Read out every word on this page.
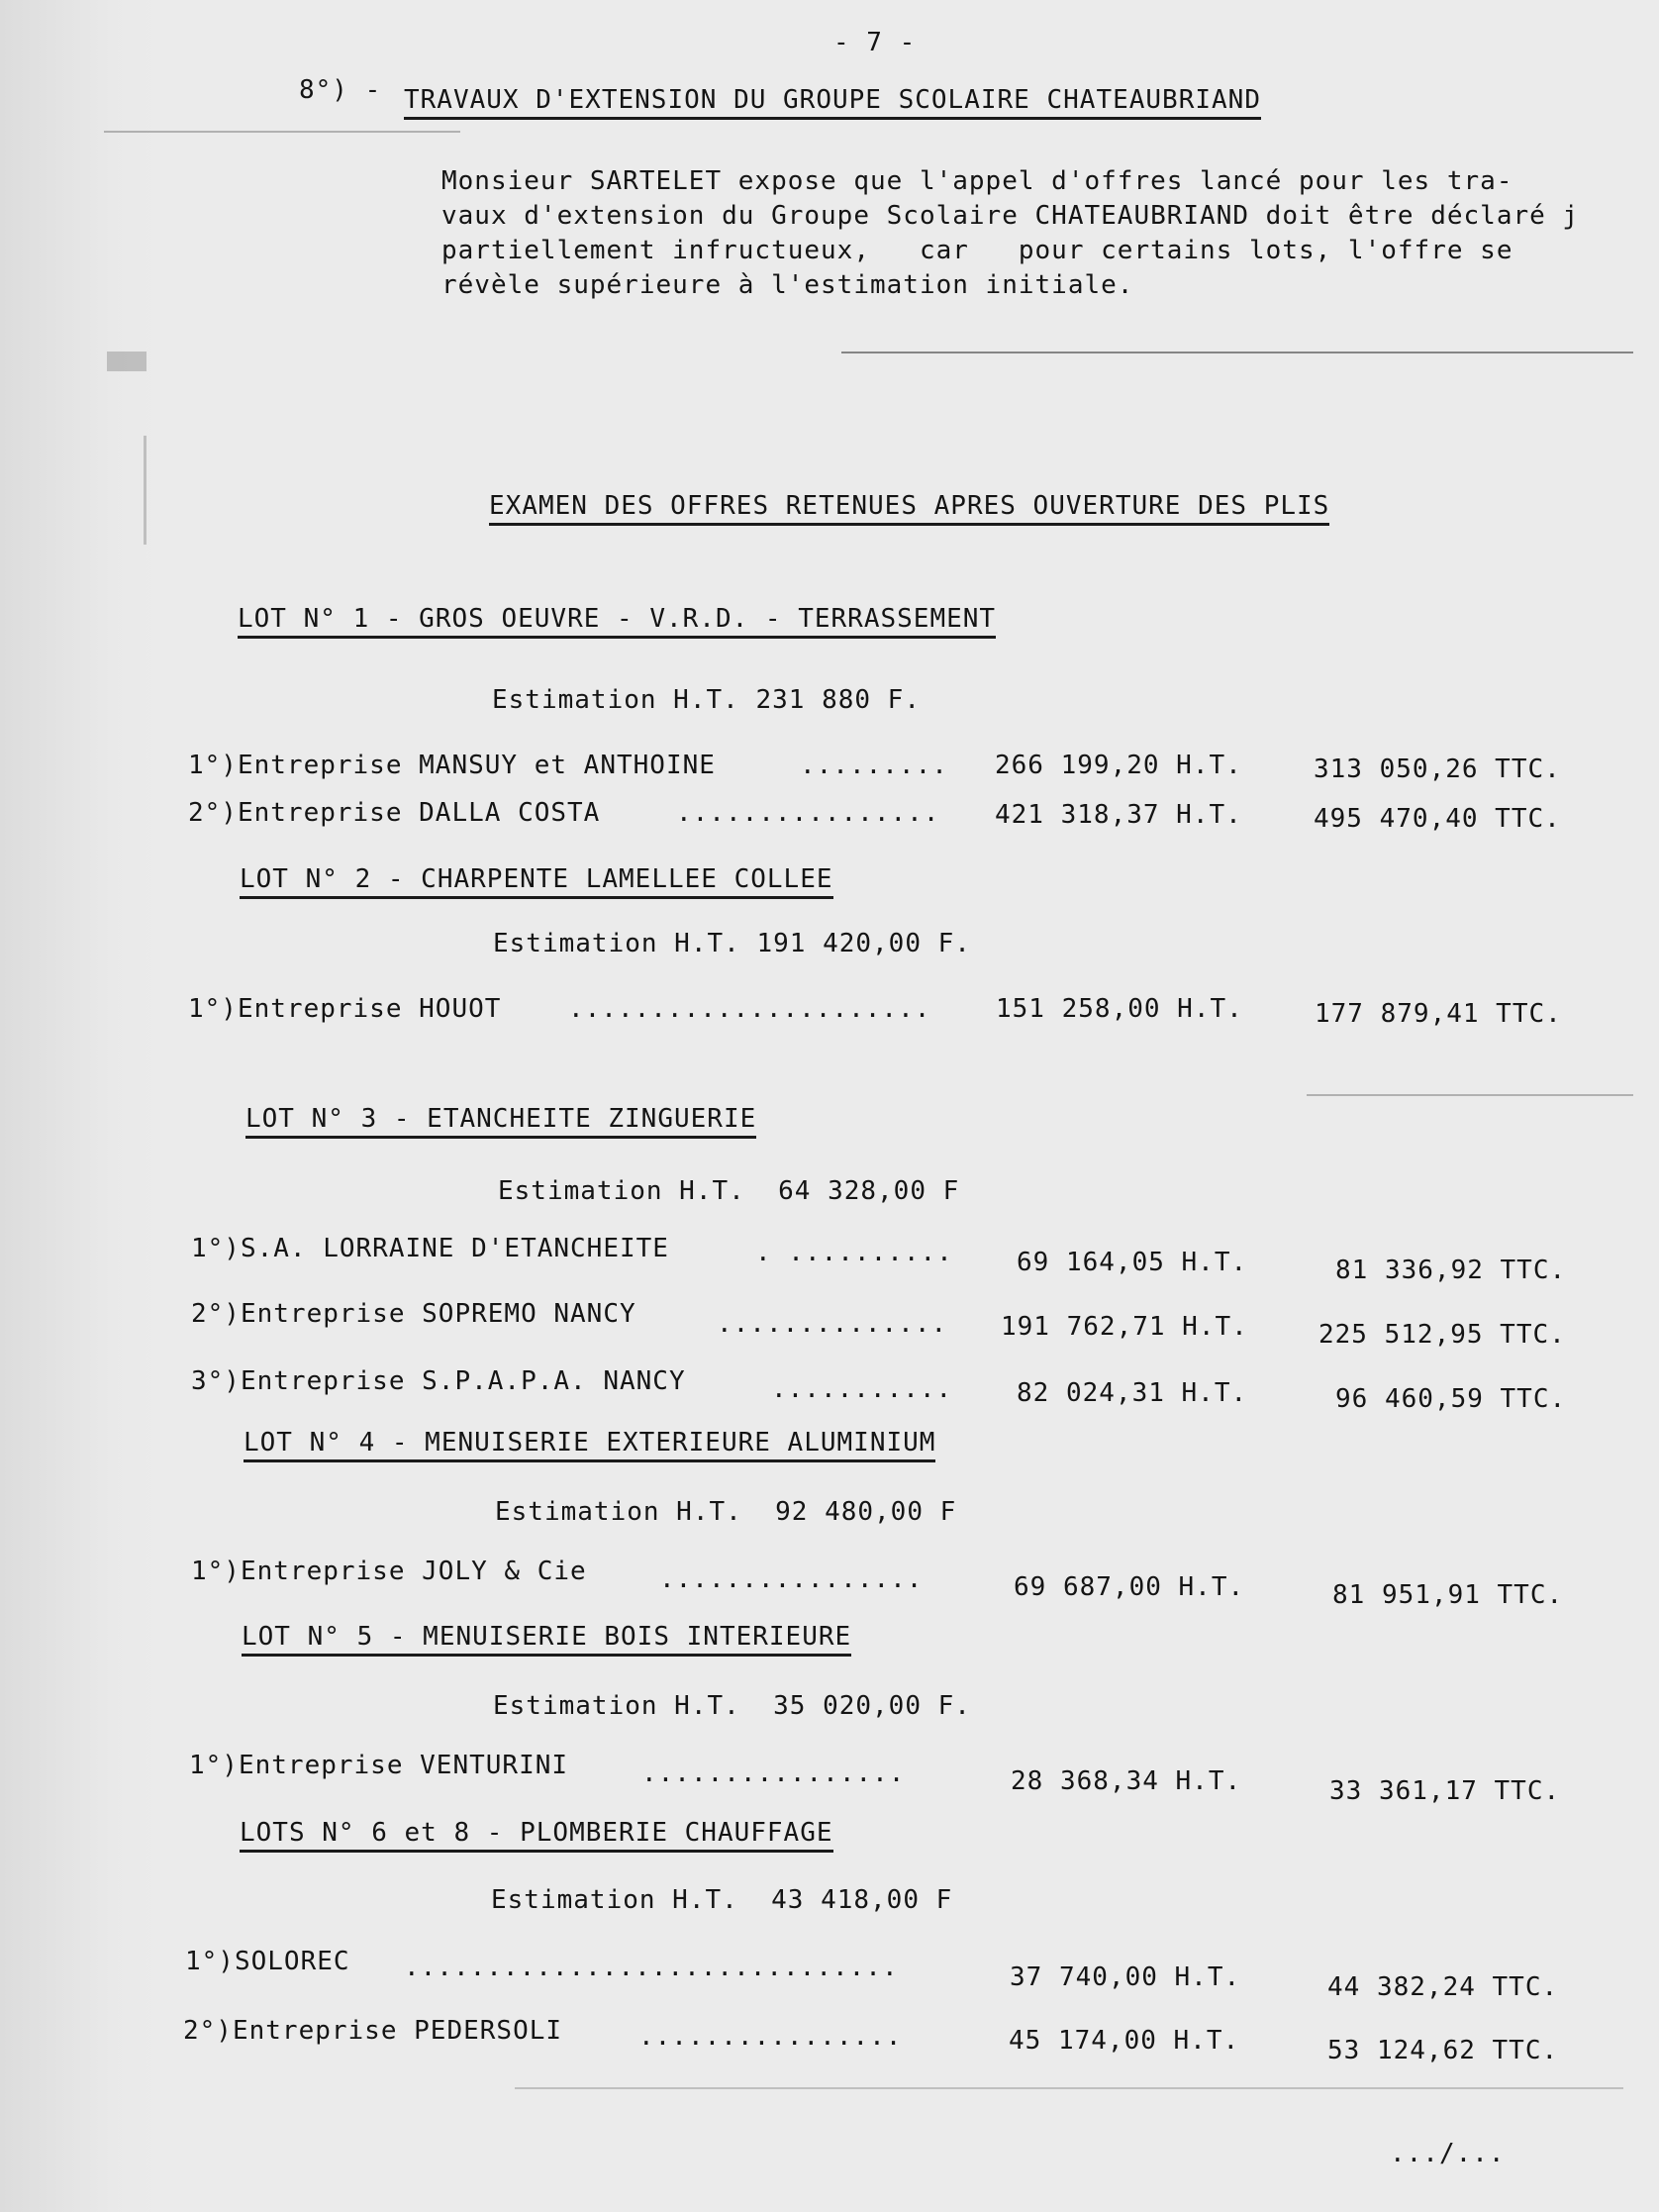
- 7 -
8°) - TRAVAUX D'EXTENSION DU GROUPE SCOLAIRE CHATEAUBRIAND
Monsieur SARTELET expose que l'appel d'offres lancé pour les tra-
vaux d'extension du Groupe Scolaire CHATEAUBRIAND doit être déclaré j
partiellement infructueux,   car   pour certains lots, l'offre se
révèle supérieure à l'estimation initiale.
EXAMEN DES OFFRES RETENUES APRES OUVERTURE DES PLIS
LOT N° 1 - GROS OEUVRE - V.R.D. - TERRASSEMENT
Estimation H.T. 231 880 F.
1°)Entreprise MANSUY et ANTHOINE	......... 266 199,20 H.T.	313 050,26 TTC.
2°)Entreprise DALLA COSTA	................ 421 318,37 H.T.	495 470,40 TTC.
LOT N° 2 - CHARPENTE LAMELLEE COLLEE
Estimation H.T. 191 420,00 F.
1°)Entreprise HOUOT	......................	151 258,00 H.T.	177 879,41 TTC.
LOT N° 3 - ETANCHEITE ZINGUERIE
Estimation H.T.  64 328,00 F
1°)S.A. LORRAINE D'ETANCHEITE	. .......... 69 164,05 H.T.	81 336,92 TTC.
2°)Entreprise SOPREMO NANCY	.............. 191 762,71 H.T.	225 512,95 TTC.
3°)Entreprise S.P.A.P.A. NANCY	........... 82 024,31 H.T.	96 460,59 TTC.
LOT N° 4 - MENUISERIE EXTERIEURE ALUMINIUM
Estimation H.T.  92 480,00 F
1°)Entreprise JOLY & Cie	................	69 687,00 H.T.	81 951,91 TTC.
LOT N° 5 - MENUISERIE BOIS INTERIEURE
Estimation H.T.  35 020,00 F.
1°)Entreprise VENTURINI	................	28 368,34 H.T.	33 361,17 TTC.
LOTS N° 6 et 8 - PLOMBERIE CHAUFFAGE
Estimation H.T.  43 418,00 F
1°)SOLOREC ..............................	37 740,00 H.T.	44 382,24 TTC.
2°)Entreprise PEDERSOLI	................	45 174,00 H.T.	53 124,62 TTC.
.../...
